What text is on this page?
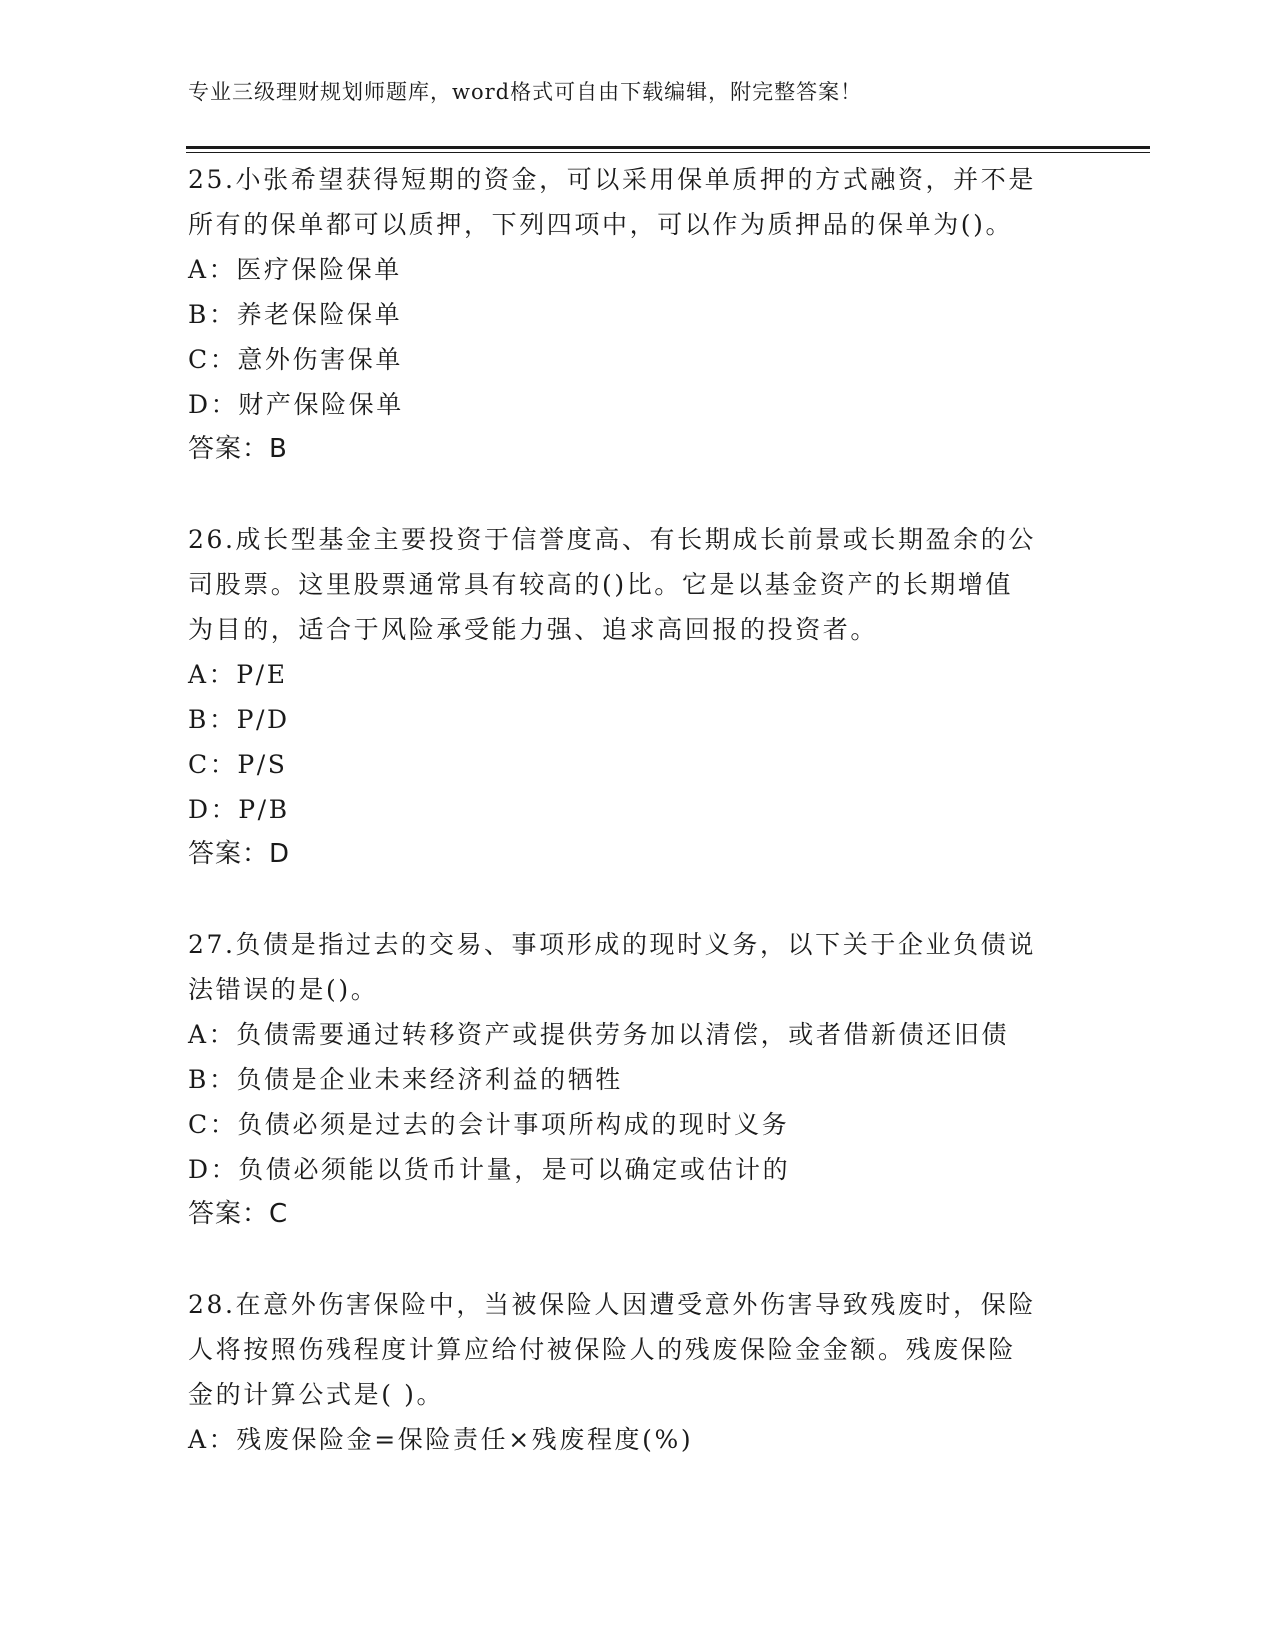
专业三级理财规划师题库，word格式可自由下载编辑，附完整答案！
25.小张希望获得短期的资金，可以采用保单质押的方式融资，并不是
所有的保单都可以质押，下列四项中，可以作为质押品的保单为()。
A：医疗保险保单
B：养老保险保单
C：意外伤害保单
D：财产保险保单
答案：B
26.成长型基金主要投资于信誉度高、有长期成长前景或长期盈余的公
司股票。这里股票通常具有较高的()比。它是以基金资产的长期增值
为目的，适合于风险承受能力强、追求高回报的投资者。
A：P/E
B：P/D
C：P/S
D：P/B
答案：D
27.负债是指过去的交易、事项形成的现时义务，以下关于企业负债说
法错误的是()。
A：负债需要通过转移资产或提供劳务加以清偿，或者借新债还旧债
B：负债是企业未来经济利益的牺牲
C：负债必须是过去的会计事项所构成的现时义务
D：负债必须能以货币计量，是可以确定或估计的
答案：C
28.在意外伤害保险中，当被保险人因遭受意外伤害导致残废时，保险
人将按照伤残程度计算应给付被保险人的残废保险金金额。残废保险
金的计算公式是( )。
A：残废保险金=保险责任×残废程度(%)
